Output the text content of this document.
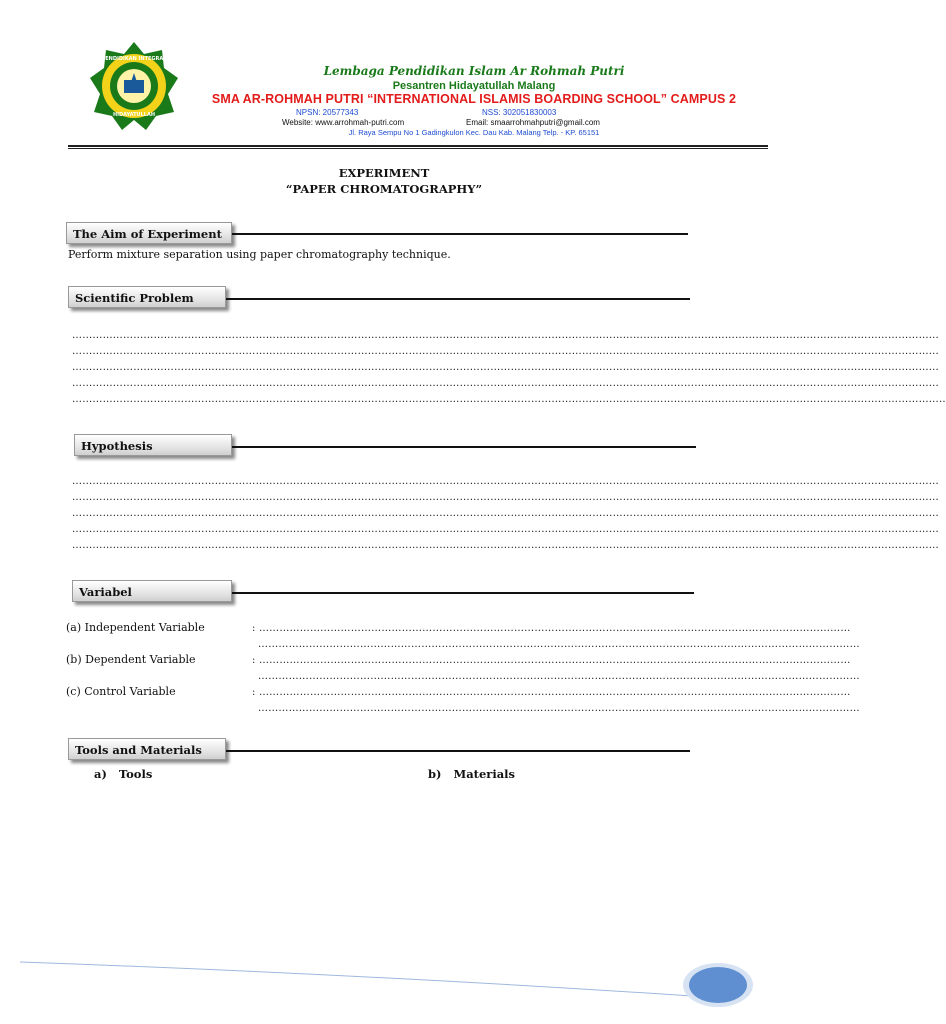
PENDIDIKAN INTEGRAL
HIDAYATULLAH
Lembaga Pendidikan Islam Ar Rohmah Putri
Pesantren Hidayatullah Malang
SMA AR-ROHMAH PUTRI “INTERNATIONAL ISLAMIS BOARDING SCHOOL” CAMPUS 2
NPSN: 20577343	NSS: 302051830003
Website: www.arrohmah-putri.com	Email: smaarrohmahputri@gmail.com
Jl. Raya Sempu No 1 Gadingkulon Kec. Dau Kab. Malang Telp. - KP. 65151
EXPERIMENT
“PAPER CHROMATOGRAPHY”
The Aim of Experiment
Perform mixture separation using paper chromatography technique.
Scientific Problem
…………………………………………………………………………………………………………………………………………………………………………………………………………………………………
…………………………………………………………………………………………………………………………………………………………………………………………………………………………………
…………………………………………………………………………………………………………………………………………………………………………………………………………………………………
…………………………………………………………………………………………………………………………………………………………………………………………………………………………………
…………………………………………………………………………………………………………………………………………………………………………………………………………………………………..
Hypothesis
…………………………………………………………………………………………………………………………………………………………………………………………………………………………………
…………………………………………………………………………………………………………………………………………………………………………………………………………………………………
…………………………………………………………………………………………………………………………………………………………………………………………………………………………………
…………………………………………………………………………………………………………………………………………………………………………………………………………………………………
…………………………………………………………………………………………………………………………………………………………………………………………………………………………………
Variabel
(a) Independent Variable	: …………………………………………………………………………………………………………………………………………………………
……………………………………………………………………………………………………………………………………………………………
(b) Dependent Variable	: …………………………………………………………………………………………………………………………………………………………
……………………………………………………………………………………………………………………………………………………………
(c) Control Variable	: …………………………………………………………………………………………………………………………………………………………
……………………………………………………………………………………………………………………………………………………………
Tools and Materials
a)   Tools	b)   Materials
